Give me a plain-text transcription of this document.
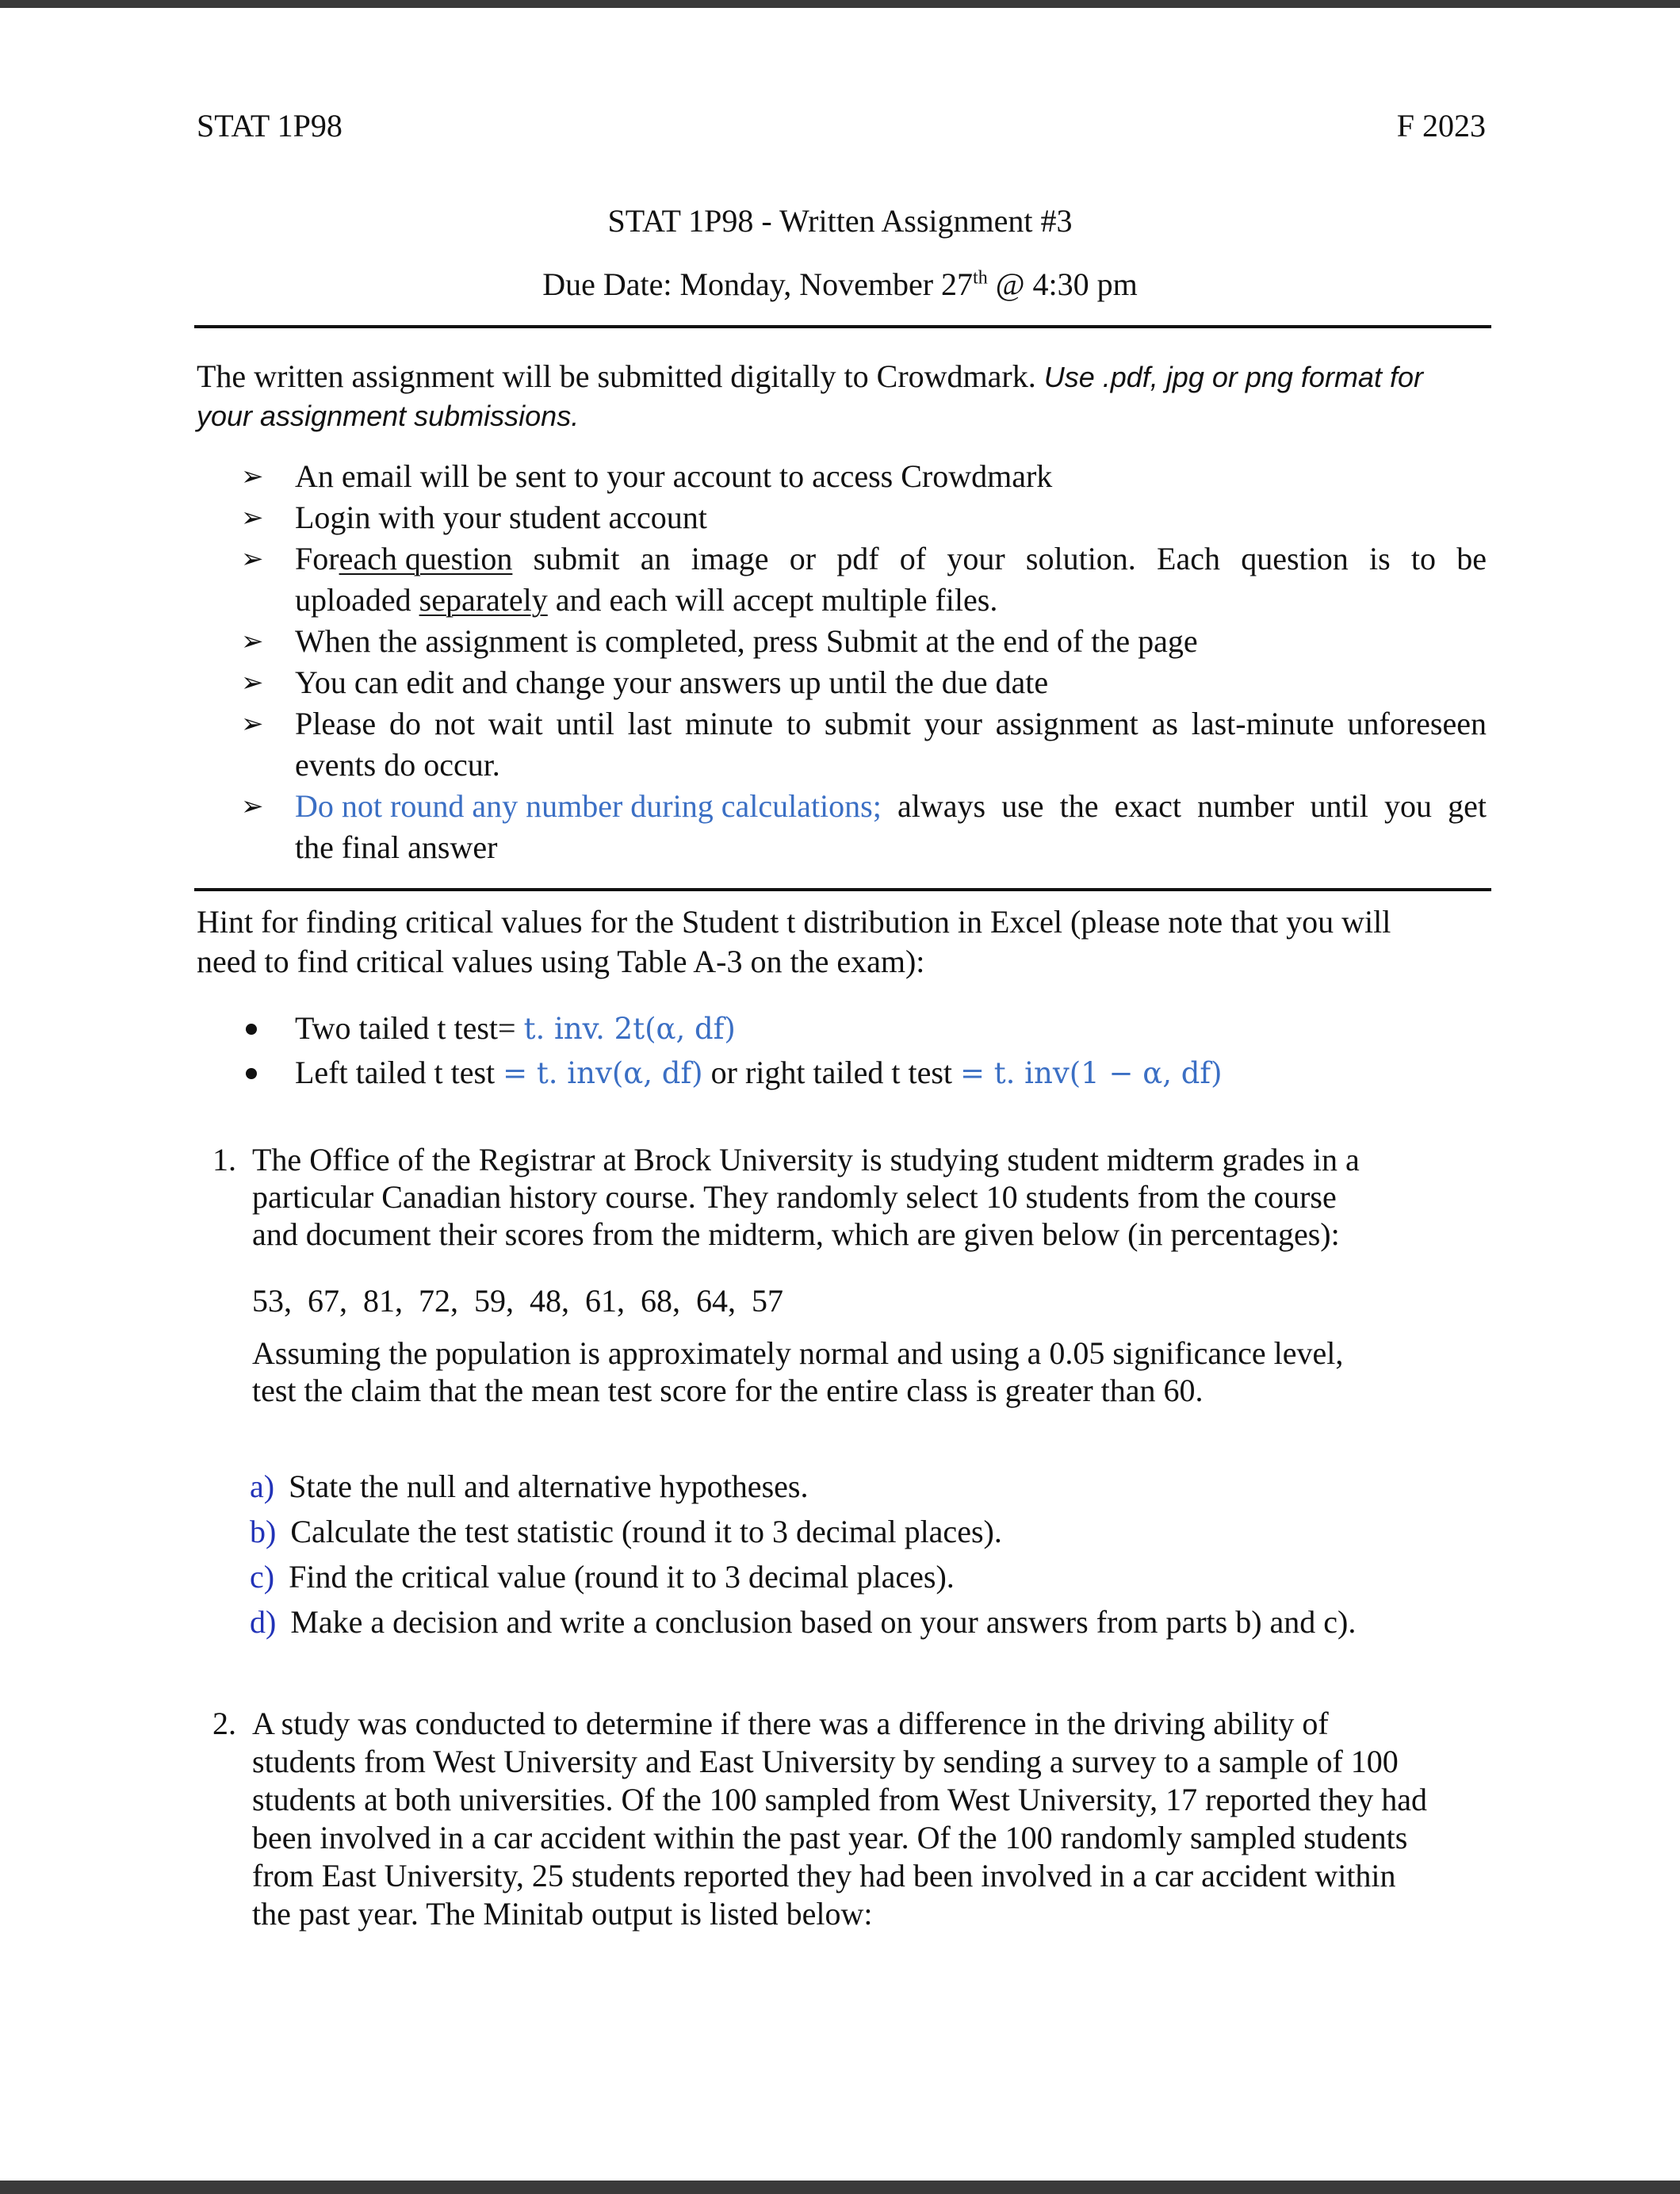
STAT 1P98	F 2023
STAT 1P98 - Written Assignment #3
Due Date: Monday, November 27th @ 4:30 pm
The written assignment will be submitted digitally to Crowdmark. Use .pdf, jpg or png format for
your assignment submissions.
➢ An email will be sent to your account to access Crowdmark
➢ Login with your student account
➢ For each question submit an image or pdf of your solution. Each question is to be
uploaded separately and each will accept multiple files.
➢ When the assignment is completed, press Submit at the end of the page
➢ You can edit and change your answers up until the due date
➢ Please do not wait until last minute to submit your assignment as last-minute unforeseen
events do occur.
➢ Do not round any number during calculations; always use the exact number until you get
the final answer
Hint for finding critical values for the Student t distribution in Excel (please note that you will
need to find critical values using Table A-3 on the exam):
Two tailed t test= t. inv. 2t(α, df)
Left tailed t test = t. inv(α, df) or right tailed t test = t. inv(1 − α, df)
1. The Office of the Registrar at Brock University is studying student midterm grades in a
particular Canadian history course. They randomly select 10 students from the course
and document their scores from the midterm, which are given below (in percentages):
53,  67,  81,  72,  59,  48,  61,  68,  64,  57
Assuming the population is approximately normal and using a 0.05 significance level,
test the claim that the mean test score for the entire class is greater than 60.
a) State the null and alternative hypotheses.
b) Calculate the test statistic (round it to 3 decimal places).
c) Find the critical value (round it to 3 decimal places).
d) Make a decision and write a conclusion based on your answers from parts b) and c).
2. A study was conducted to determine if there was a difference in the driving ability of
students from West University and East University by sending a survey to a sample of 100
students at both universities. Of the 100 sampled from West University, 17 reported they had
been involved in a car accident within the past year. Of the 100 randomly sampled students
from East University, 25 students reported they had been involved in a car accident within
the past year. The Minitab output is listed below:
